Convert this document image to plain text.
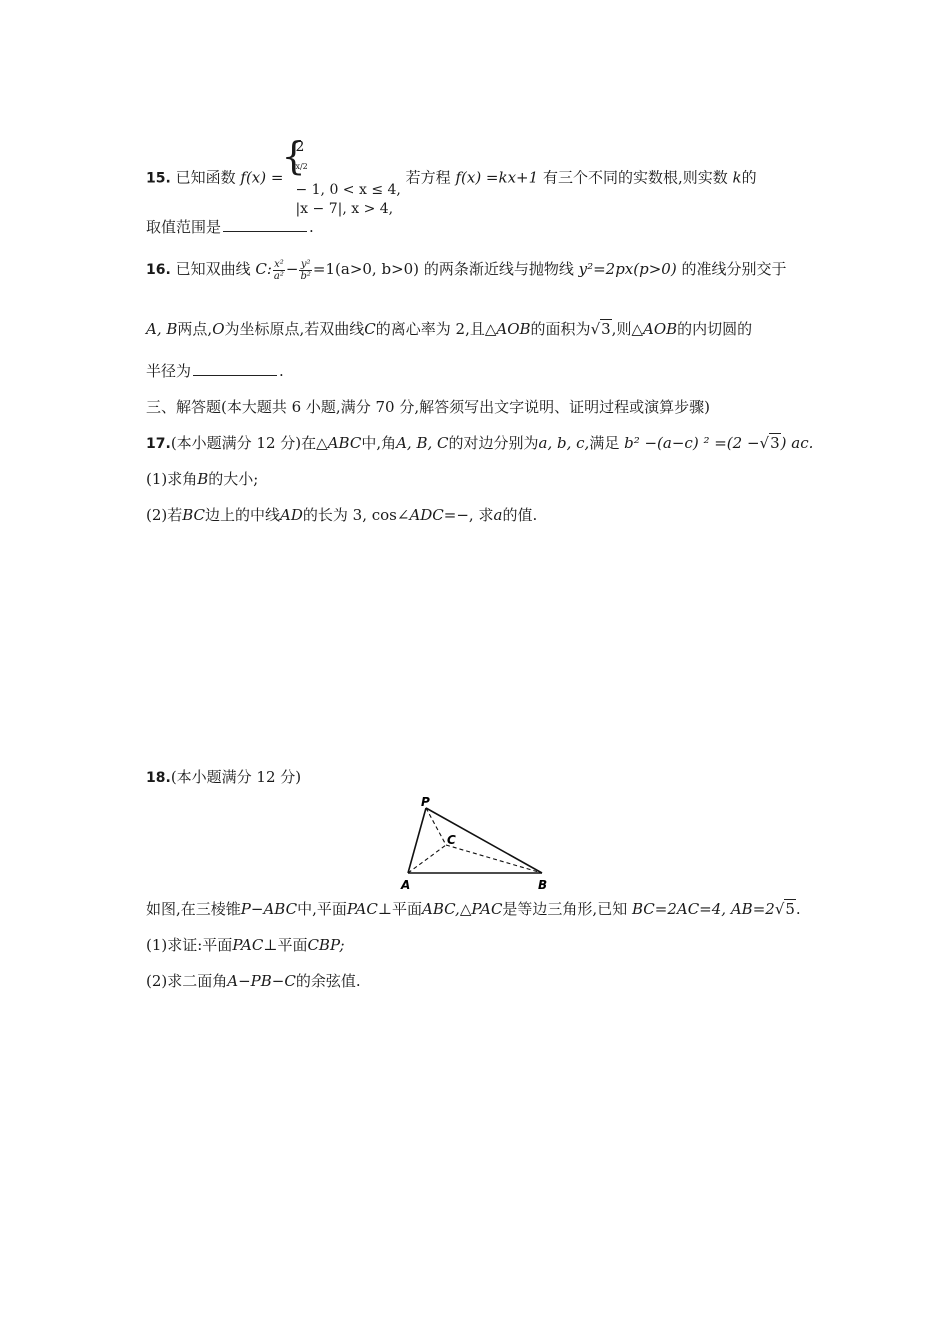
15. 已知函数 f(x) =
{ 2
$^{x/2}$
− 1, 0 < x ≤ 4,
|x − 7|, x > 4,
若方程 f(x) =kx+1 有三个不同的实数根,则实数 k的
取值范围是	.
16. 已知双曲线 C: $\frac{\text{x²}}{\text{a²}} - \frac{\text{y²}}{\text{b²}} =1(a>0$, b>0) 的两条渐近线与抛物线 y²=2px(p>0) 的准线分别交于
A, B两点,O为坐标原点,若双曲线C的离心率为 2,且△AOB的面积为√3,则△AOB的内切圆的
半径为	.
三、解答题(本大题共 6 小题,满分 70 分,解答须写出文字说明、证明过程或演算步骤)
17.(本小题满分 12 分)在△ABC中,角A, B, C的对边分别为a, b, c,满足 b² −(a−c) ² =(2 −√3) ac.
(1)求角B的大小;
(2)若BC边上的中线AD的长为 3, cos∠ADC=−, 求a的值.
18.(本小题满分 12 分)
P
C
A	B
如图,在三棱锥P−ABC中,平面PAC⊥平面ABC,△PAC是等边三角形,已知 BC=2AC=4, AB=2√5.
(1)求证:平面PAC⊥平面CBP;
(2)求二面角A−PB−C的余弦值.
